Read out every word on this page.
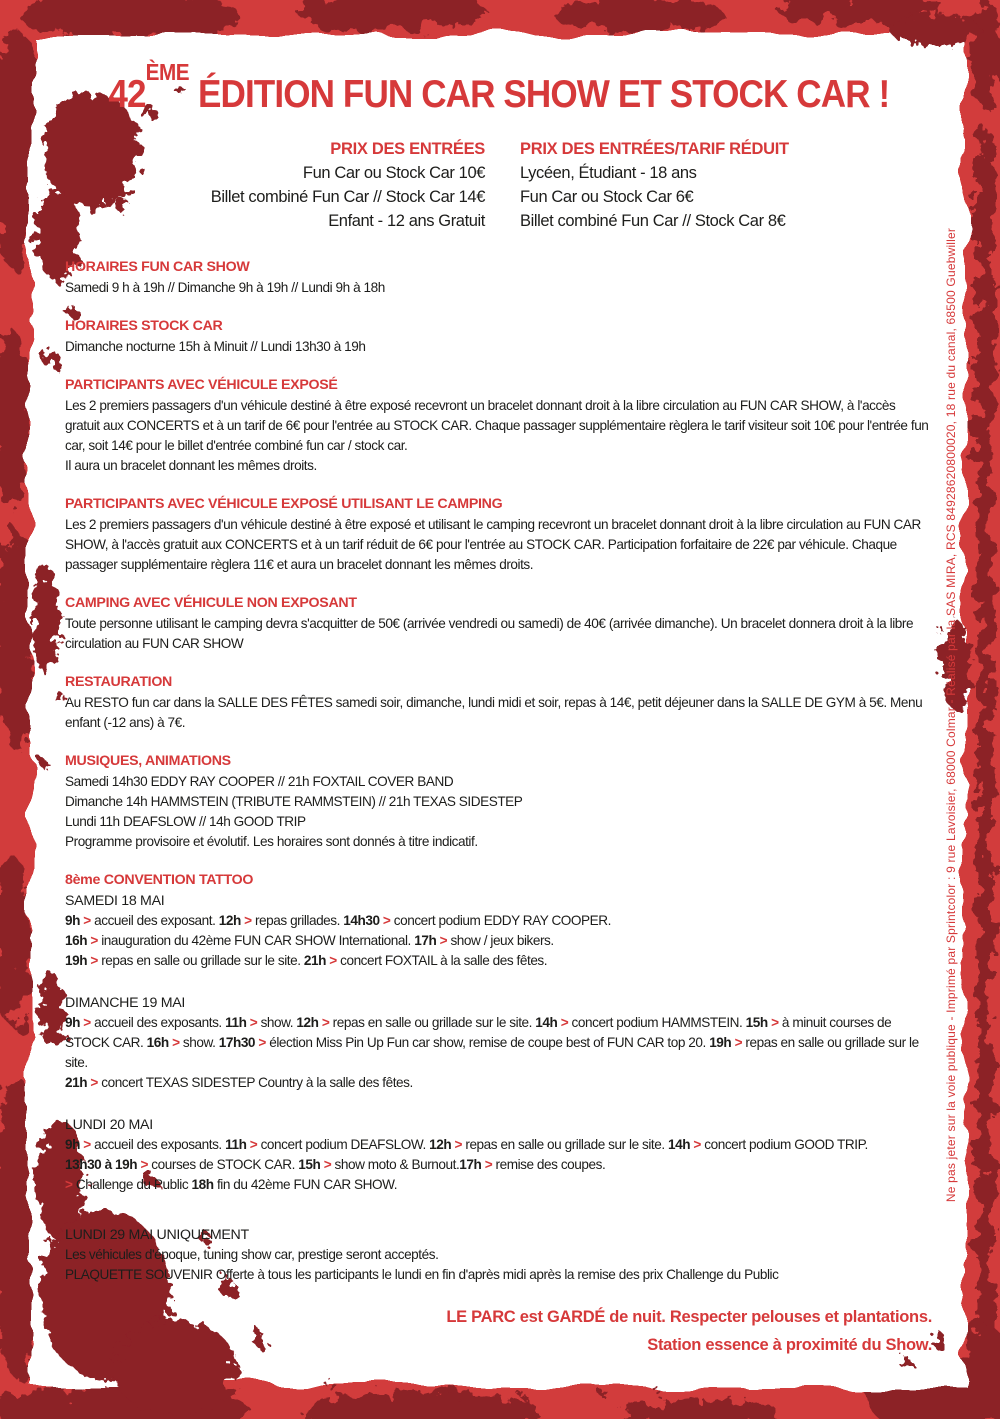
42ÈME ÉDITION FUN CAR SHOW ET STOCK CAR !
PRIX DES ENTRÉES
Fun Car ou Stock Car 10€
Billet combiné Fun Car // Stock Car 14€
Enfant - 12 ans Gratuit
PRIX DES ENTRÉES/TARIF RÉDUIT
Lycéen, Étudiant - 18 ans
Fun Car ou Stock Car 6€
Billet combiné Fun Car // Stock Car 8€
HORAIRES FUN CAR SHOW

Samedi 9 h à 19h // Dimanche 9h à 19h // Lundi 9h à 18h

HORAIRES STOCK CAR

Dimanche nocturne 15h à Minuit // Lundi 13h30 à 19h

PARTICIPANTS AVEC VÉHICULE EXPOSÉ

Les 2 premiers passagers d'un véhicule destiné à être exposé recevront un bracelet donnant droit à la libre circulation au FUN CAR SHOW, à l'accès gratuit aux CONCERTS et à un tarif de 6€ pour l'entrée au STOCK CAR. Chaque passager supplémentaire règlera le tarif visiteur soit 10€ pour l'entrée fun car, soit 14€ pour le billet d'entrée combiné fun car / stock car.

Il aura un bracelet donnant les mêmes droits.

PARTICIPANTS AVEC VÉHICULE EXPOSÉ UTILISANT LE CAMPING

Les 2 premiers passagers d'un véhicule destiné à être exposé et utilisant le camping recevront un bracelet donnant droit à la libre circulation au FUN CAR SHOW, à l'accès gratuit aux CONCERTS et à un tarif réduit de 6€ pour l'entrée au STOCK CAR. Participation forfaitaire de 22€ par véhicule. Chaque passager supplémentaire règlera 11€ et aura un bracelet donnant les mêmes droits.

CAMPING AVEC VÉHICULE NON EXPOSANT

Toute personne utilisant le camping devra s'acquitter de 50€ (arrivée vendredi ou samedi) de 40€ (arrivée dimanche). Un bracelet donnera droit à la libre circulation au FUN CAR SHOW

RESTAURATION

Au RESTO fun car dans la SALLE DES FÊTES samedi soir, dimanche, lundi midi et soir, repas à 14€, petit déjeuner dans la SALLE DE GYM à 5€. Menu enfant (-12 ans) à 7€.

MUSIQUES, ANIMATIONS

Samedi 14h30 EDDY RAY COOPER // 21h FOXTAIL COVER BAND

Dimanche 14h HAMMSTEIN (TRIBUTE RAMMSTEIN) // 21h TEXAS SIDESTEP

Lundi 11h DEAFSLOW // 14h GOOD TRIP

Programme provisoire et évolutif. Les horaires sont donnés à titre indicatif.

8ème CONVENTION TATTOO
SAMEDI 18 MAI

9h > accueil des exposant. 12h > repas grillades. 14h30 > concert podium EDDY RAY COOPER.

16h > inauguration du 42ème FUN CAR SHOW International. 17h > show / jeux bikers.

19h > repas en salle ou grillade sur le site. 21h > concert FOXTAIL à la salle des fêtes.

DIMANCHE 19 MAI

9h > accueil des exposants. 11h > show. 12h > repas en salle ou grillade sur le site. 14h > concert podium HAMMSTEIN. 15h > à minuit courses de STOCK CAR. 16h > show. 17h30 > élection Miss Pin Up Fun car show, remise de coupe best of FUN CAR top 20. 19h > repas en salle ou grillade sur le site.

21h > concert TEXAS SIDESTEP Country à la salle des fêtes.

LUNDI 20 MAI

9h > accueil des exposants. 11h > concert podium DEAFSLOW. 12h > repas en salle ou grillade sur le site. 14h > concert podium GOOD TRIP.

13h30 à 19h > courses de STOCK CAR. 15h > show moto & Burnout.17h > remise des coupes.

> Challenge du Public 18h fin du 42ème FUN CAR SHOW.

LUNDI 29 MAI UNIQUEMENT

Les véhicules d'époque, tuning show car, prestige seront acceptés.

PLAQUETTE SOUVENIR Offerte à tous les participants le lundi en fin d'après midi après la remise des prix Challenge du Public

LE PARC est GARDÉ de nuit. Respecter pelouses et plantations.
Station essence à proximité du Show.
Ne pas jeter sur la voie publique - Imprimé par Sprintcolor : 9 rue Lavoisier, 68000 Colmar - Réalisé par la SAS MIRA, RCS 84928620800020, 18 rue du canal, 68500 Guebwiller
